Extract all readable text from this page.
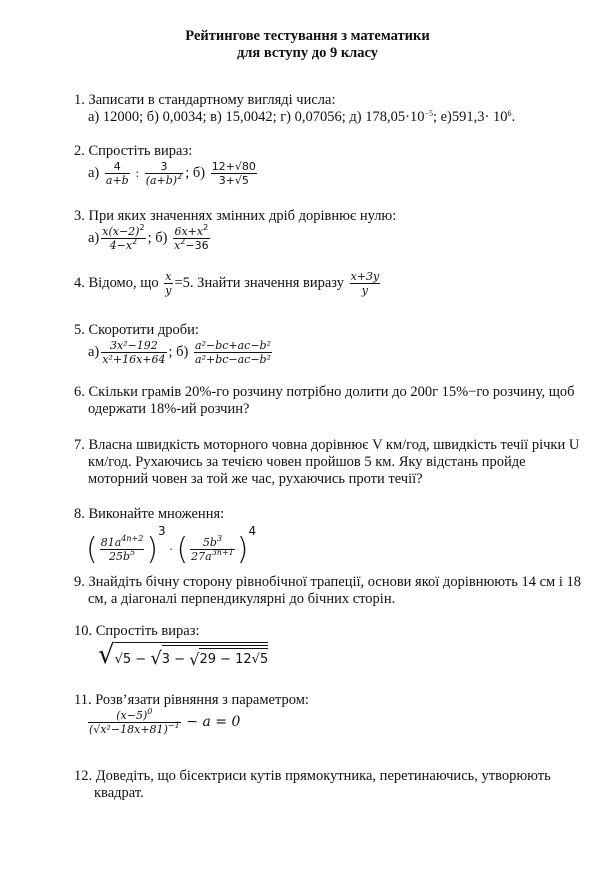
Рейтингове тестування з математики
для вступу до 9 класу
1. Записати в стандартному вигляді числа:
а) 12000; б) 0,0034; в) 15,0042; г) 0,07056; д) $178,05\cdot 10^{-5}$; $е)591,3\cdot 10^6$.
2. Спростіть вираз:
$а) \frac{4}{a+b}$ : $\frac{3}{(a+b)^2}$ ; $б) \frac{12+√80}{3+√5}$
3. При яких значеннях змінних дріб дорівнює нулю:
$а) \frac{x(x-2)^2}{4-x^2}$ ; $б) \frac{6x+x^2}{x^2-36}$
4. Відомо, що $\frac{x}{y} =5$. Знайти значення виразу $\frac{x+3y}{y}$
5. Скоротити дроби:
$а) \frac{\text{3x²−192}}{\text{x²+16x+64}}$ ; $б) \frac{\text{a²−bc+ac−b²}}{\text{a²+bc−ac−b²}}$
6. Скільки грамів 20%-го розчину потрібно долити до 200г 15%−го розчину, щоб
одержати 18%-ий розчин?
7. Власна швидкість моторного човна дорівнює V км/год, швидкість течії річки U
км/год. Рухаючись за течією човен пройшов 5 км. Яку відстань пройде
моторний човен за той же час, рухаючись проти течії?
8. Виконайте множення:
( $\frac{81a^{4n+2}}{25b^5} )^3$ · ( $\frac{5b^3}{27a^{3n+1}} )^4$
9. Знайдіть бічну сторону рівнобічної трапеції, основи якої дорівнюють 14 см і 18
см, а діагоналі перпендикулярні до бічних сторін.
10. Спростіть вираз:
√ √5 −
√ 3 −
√ 29 − 12√5
11. Розв’язати рівняння з параметром:
$\frac{(x-5)^0}{(√x^2-18x+81)^{-1}} - a = 0$
12. Доведіть, що бісектриси кутів прямокутника, перетинаючись, утворюють
квадрат.
